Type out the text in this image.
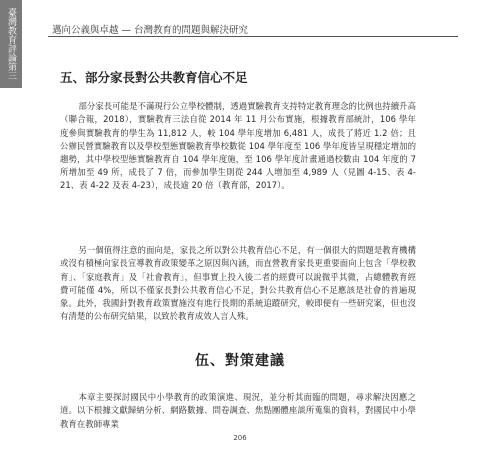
臺灣教育評論第三	邁向公義與卓越 — 台灣教育的問題與解決研究
五、部分家長對公共教育信心不足

部分家長可能是不滿現行公立學校體制，透過實驗教育支持特定教育理念的比例也持續升高（聯合報，2018），實驗教育三法自從 2014 年 11 月公布實施，根據教育部統計，106 學年度參與實驗教育的學生為 11,812 人，較 104 學年度增加 6,481 人，成長了將近 1.2 倍；且公辦民營實驗教育以及學校型態實驗教育學校數從 104 學年度至 106 學年度皆呈現穩定增加的趨勢，其中學校型態實驗教育自 104 學年度施，至 106 學年度計畫通過校數由 104 年度的 7 所增加至 49 所，成長了 7 倍，而參加學生則從 244 人增加至 4,989 人（見圖 4-15、表 4-21、表 4-22 及表 4-23），成長逾 20 倍（教育部，2017）。

另一個值得注意的面向是，家長之所以對公共教育信心不足，有一個很大的問題是教育機構或沒有積極向家長宣導教育政策變革之原因與內涵，而直營教育家長更重要面向上包含「學校教育」、「家庭教育」及「社會教育」，但事實上投入後二者的經費可以說微乎其微，占總體教育經費可能僅 4%，所以不僅家長對公共教育信心不足，對公共教育信心不足應該是社會的普遍現象。此外，我國針對教育政策實施沒有進行長期的系統追蹤研究，較即便有一些研究案，但也沒有清楚的公布研究結果，以致於教育成效人言人殊。

伍、對策建議

本章主要探討國民中小學教育的政策演進、現況，並分析其面臨的問題，尋求解決因應之道。以下根據文獻歸納分析、網路數據、問卷調查、焦點團體座談所蒐集的資料，對國民中小學教育在教師專業

206
